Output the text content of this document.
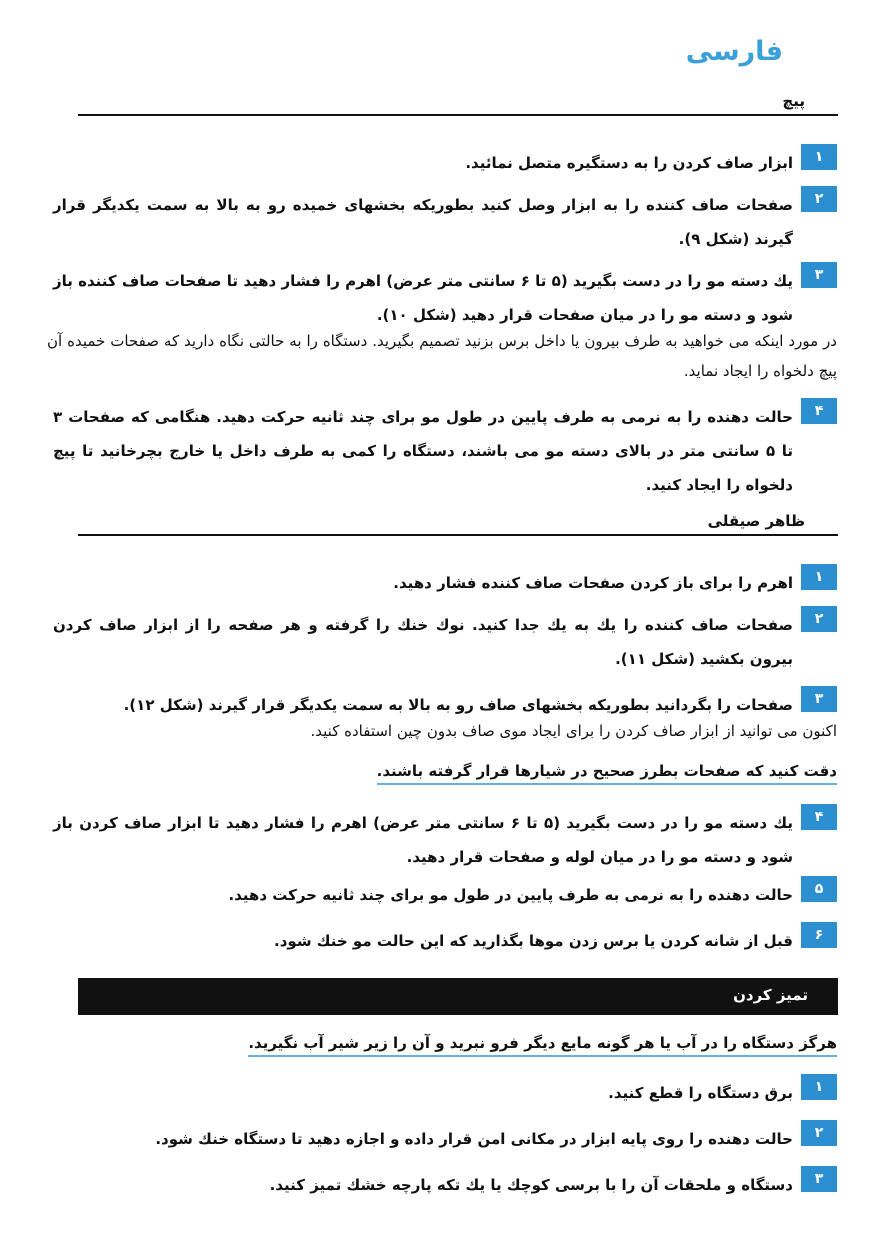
فارسی
پیچ
۱
ابزار صاف کردن را به دستگیره متصل نمائید.
۲
صفحات صاف کننده را به ابزار وصل کنید بطوریکه بخشهای خمیده رو به بالا به سمت یکدیگر قرار گیرند (شکل ۹).
۳
یك دسته مو را در دست بگیرید (۵ تا ۶ سانتی متر عرض) اهرم را فشار دهید تا صفحات صاف کننده باز شود و دسته مو را در میان صفحات قرار دهید (شکل ۱۰).
در مورد اینکه می خواهید به طرف بیرون یا داخل برس بزنید تصمیم بگیرید. دستگاه را به حالتی نگاه دارید که صفحات خمیده آن پیچ دلخواه را ایجاد نماید.
۴
حالت دهنده را به نرمی به طرف پایین در طول مو برای چند ثانیه حرکت دهید. هنگامی که صفحات ۳ تا ۵ سانتی متر در بالای دسته مو می باشند، دستگاه را کمی به طرف داخل یا خارج بچرخانید تا پیچ دلخواه را ایجاد کنید.
ظاهر صیقلی
۱
اهرم را برای باز کردن صفحات صاف کننده فشار دهید.
۲
صفحات صاف کننده را یك به یك جدا کنید. نوك خنك را گرفته و هر صفحه را از ابزار صاف کردن بیرون بکشید (شکل ۱۱).
۳
صفحات را بگردانید بطوریکه بخشهای صاف رو به بالا به سمت یکدیگر قرار گیرند (شکل ۱۲).
اکنون می توانید از ابزار صاف کردن را برای ایجاد موی صاف بدون چین استفاده کنید.
دقت کنید که صفحات بطرز صحیح در شیارها قرار گرفته باشند.
۴
یك دسته مو را در دست بگیرید (۵ تا ۶ سانتی متر عرض) اهرم را فشار دهید تا ابزار صاف کردن باز شود و دسته مو را در میان لوله و صفحات قرار دهید.
۵
حالت دهنده را به نرمی به طرف پایین در طول مو برای چند ثانیه حرکت دهید.
۶
قبل از شانه کردن یا برس زدن موها بگذارید که این حالت مو خنك شود.
تمیز کردن
هرگز دستگاه را در آب یا هر گونه مایع دیگر فرو نبرید و آن را زیر شیر آب نگیرید.
۱
برق دستگاه را قطع کنید.
۲
حالت دهنده را روی پایه ابزار در مکانی امن قرار داده و اجازه دهید تا دستگاه خنك شود.
۳
دستگاه و ملحقات آن را با برسی کوچك یا یك تکه پارچه خشك تمیز کنید.
